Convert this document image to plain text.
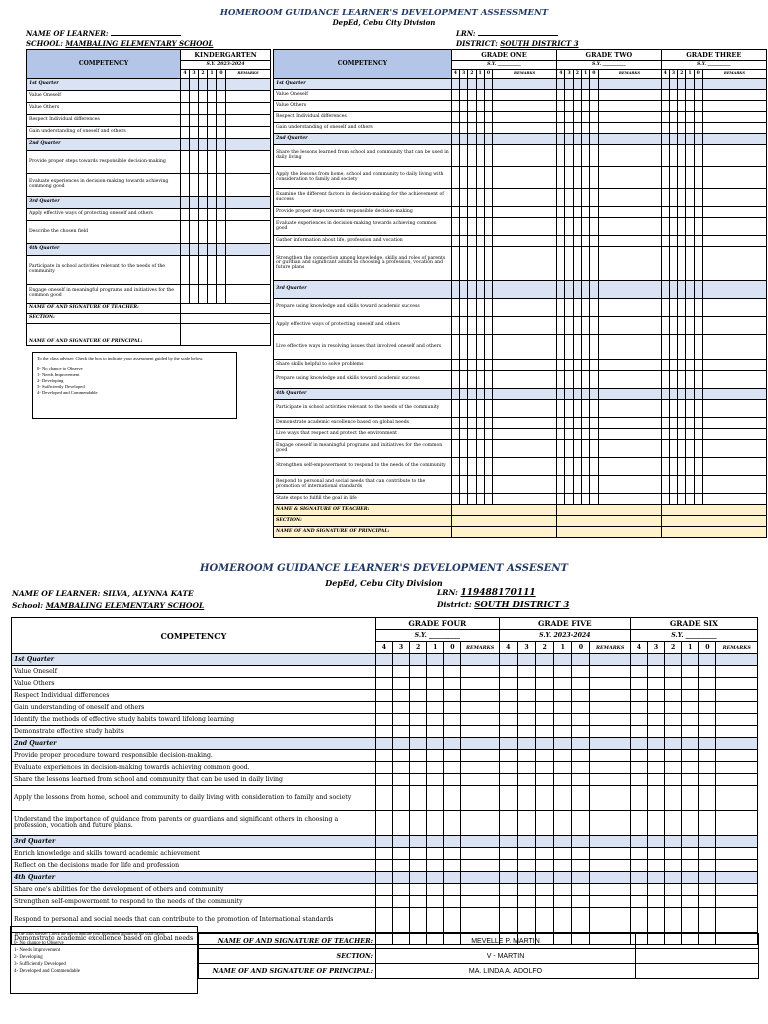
HOMEROOM GUIDANCE LEARNER'S DEVELOPMENT ASSESSMENT
DepEd, Cebu City Division
NAME OF LEARNER:	LRN:
SCHOOL: MAMBALING ELEMENTARY SCHOOL	DISTRICT: SOUTH DISTRICT 3
COMPETENCY	KINDERGARTEN					
	S.Y. 2023-2024					
	4	3	2	1	0	REMARKS
1st Quarter						
Value Oneself						
Value Others						
Respect Individual differences						
Gain understanding of oneself and others						
2nd Quarter						
Provide proper steps towards responsible decision-making						
Evaluate experiences in decision-making towards achieving commong good						
3rd Quarter						
Apply effective ways of protecting oneself and others						
Describe the chosen field						
4th Quarter						
Participate in school activities relevant to the needs of the community						
Engage oneself in meaningful programs and initiatives for the common good						
NAME OF AND SIGNATURE OF TEACHER:						
SECTION:						
NAME OF AND SIGNATURE OF PRINCIPAL:						
To the class adviser: Check the box to indicate your assessment guided by the scale below.
0- No chance to Observe
1- Needs Improvement
2- Developing
3- Sufficiently Developed
4- Developed and Commendable
COMPETENCY	GRADE ONE						GRADE TWO						GRADE THREE					
	S.Y. __________						S.Y. __________						S.Y. __________					
	4	3	2	1	0	REMARKS	4	3	2	1	0	REMARKS	4	3	2	1	0	REMARKS
1st Quarter																		
Value Oneself																		
Value Others																		
Respect Individual differences																		
Gain understanding of oneself and others																		
2nd Quarter																		
Share the lessons learned from school and community that can be used in daily living																		
Apply the lessons from home, school and community to daily living with consideration to family and society																		
Examine the different factors in decision-making for the achievement of success																		
Provide proper steps towards responsible decision-making																		
Evaluate experiences in decision-making towards achieving common good																		
Gather information about life, profession and vocation																		
Strengthen the connection among knowledge, skills and roles of parents or gurdian and significant adults in choosing a profession, vocation and future plans																		
3rd Quarter																		
Prepare using knowledge and skills toward academic success																		
Apply effective ways of protecting oneself and others																		
Live effective ways in resolving issues that involved oneself and others																		
Share skills helpful to solve problems																		
Prepare using knowledge and skills toward academic success																		
4th Quarter																		
Participate in school activities relevant to the needs of the community																		
Demonstrate academic excellence based on global needs																		
Live ways that respect and protect the environment																		
Engage oneself in meaningful programs and initiatives for the common good																		
Strengthen self-empowerment to respond to the needs of the community																		
Respond to personal and social needs that can contribute to the promotion of international standards																		
State steps to fulfill the goal in life																		
NAME & SIGNATURE OF TEACHER:																		
SECTION:																		
NAME OF AND SIGNATURE OF PRINCIPAL:																		
HOMEROOM GUIDANCE LEARNER'S DEVELOPMENT ASSESENT
DepEd, Cebu City Division
NAME OF LEARNER: SILVA, ALYNNA KATE	LRN: 119488170111
School: MAMBALING ELEMENTARY SCHOOL	District: SOUTH DISTRICT 3
COMPETENCY	GRADE FOUR						GRADE FIVE						GRADE SIX					
	S.Y. __________						S.Y. 2023-2024						S.Y. __________					
	4	3	2	1	0	REMARKS	4	3	2	1	0	REMARKS	4	3	2	1	0	REMARKS
1st Quarter																		
Value Oneself																		
Value Others																		
Respect Individual differences																		
Gain understanding of oneself and others																		
Identify the methods of effective study habits toward lifelong learning																		
Demonstrate effective study habits																		
2nd Quarter																		
Provide proper procedure toward responsible decision-making.																		
Evaluate experiences in decision-making towards achieving common good.																		
Share the lessons learned from school and community that can be used in daily living																		
Apply the lessons from home, school and community to daily living with consideration to family and society																		
Understand the importance of guidance from parents or guardians and significant others in choosing a profession, vocation and future plans.																		
3rd Quarter																		
Enrich knowledge and skills toward academic achievement																		
Reflect on the decisions made for life and profession																		
4th Quarter																		
Share one's abilities for the development of others and community																		
Strengthen self-empowerment to respond to the needs of the community																		
Respond to personal and social needs that can contribute to the promotion of International standards																		
Demonstrate academic excellence based on global needs																		
To the class adviser: Check the box to indicate your assessment guided by the scale below.
0- No chance to Observe
1- Needs Improvement
2- Developing
3- Sufficiently Developed
4- Developed and Commendable
NAME OF AND SIGNATURE OF TEACHER:	MEVELLE P. MARTIN	
SECTION:	V - MARTIN	
NAME OF AND SIGNATURE OF PRINCIPAL:	MA. LINDA A. ADOLFO	
